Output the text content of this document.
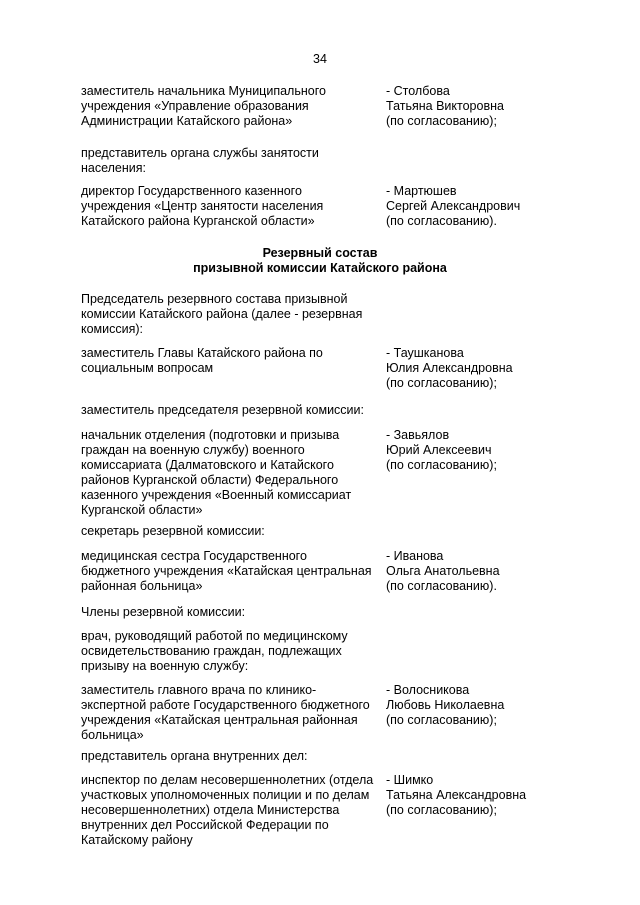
34
заместитель начальника Муниципального
учреждения «Управление образования
Администрации Катайского района»
- Столбова
Татьяна Викторовна
(по согласованию);
представитель органа службы занятости
населения:
директор Государственного казенного
учреждения «Центр занятости населения
Катайского района Курганской области»
- Мартюшев
Сергей Александрович
(по согласованию).
Резервный состав
призывной комиссии Катайского района
Председатель резервного состава призывной
комиссии Катайского района (далее - резервная
комиссия):
заместитель Главы Катайского района по
социальным вопросам
- Таушканова
Юлия Александровна
(по согласованию);
заместитель председателя резервной комиссии:
начальник отделения (подготовки и призыва
граждан на военную службу) военного
комиссариата (Далматовского и Катайского
районов Курганской области) Федерального
казенного учреждения «Военный комиссариат
Курганской области»
- Завьялов
Юрий Алексеевич
(по согласованию);
секретарь резервной комиссии:
медицинская сестра Государственного
бюджетного учреждения «Катайская центральная
районная больница»
- Иванова
Ольга Анатольевна
(по согласованию).
Члены резервной комиссии:
врач, руководящий работой по медицинскому
освидетельствованию граждан, подлежащих
призыву на военную службу:
заместитель главного врача по клинико-
экспертной работе Государственного бюджетного
учреждения «Катайская центральная районная
больница»
- Волосникова
Любовь Николаевна
(по согласованию);
представитель органа внутренних дел:
инспектор по делам несовершеннолетних (отдела
участковых уполномоченных полиции и по делам
несовершеннолетних) отдела Министерства
внутренних дел Российской Федерации по
Катайскому району
- Шимко
Татьяна Александровна
(по согласованию);
